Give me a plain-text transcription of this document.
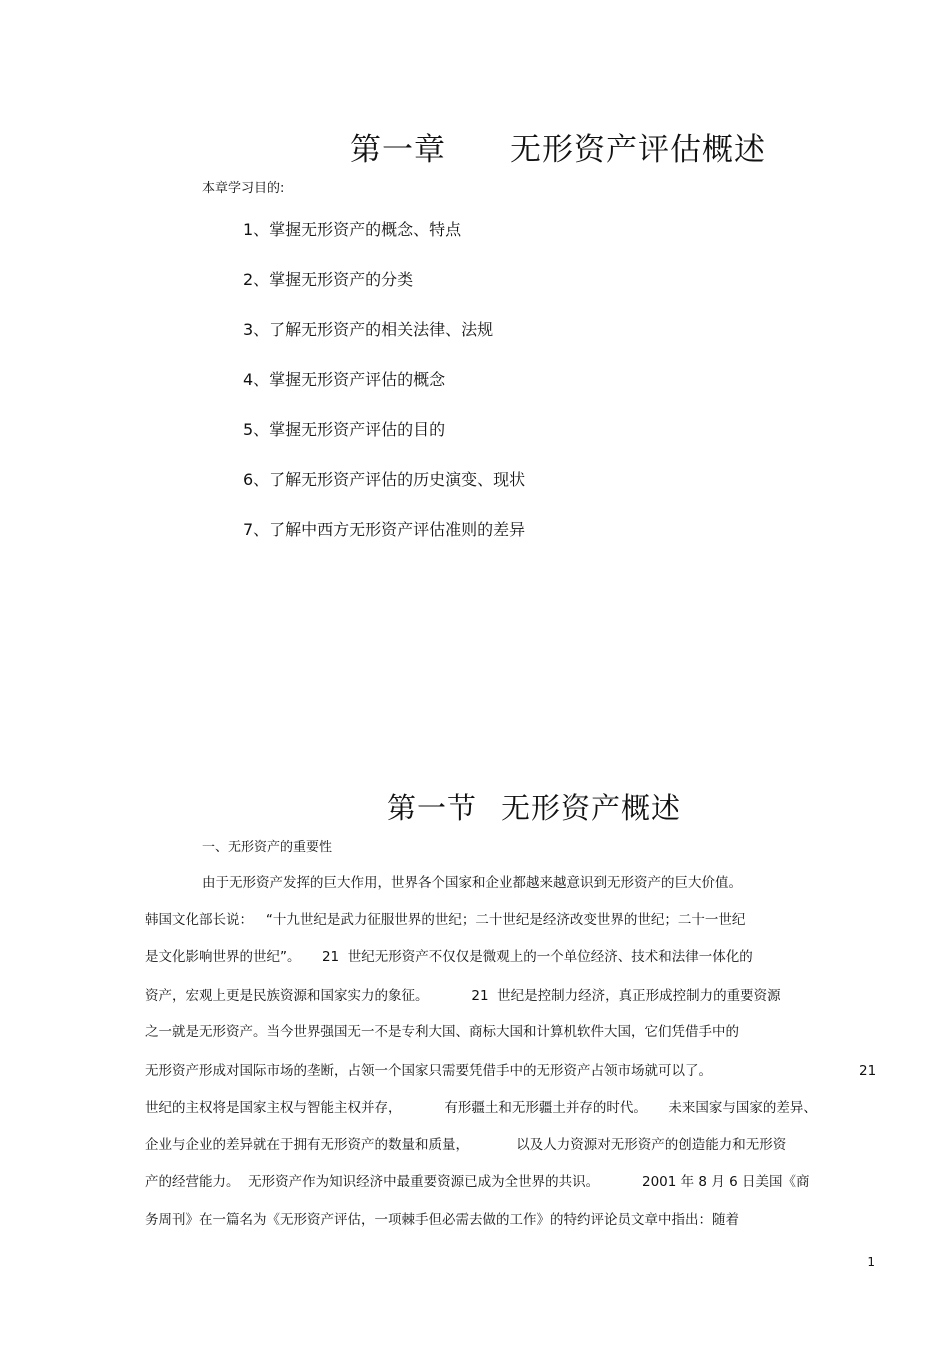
第一章 无形资产评估概述
本章学习目的:
1、掌握无形资产的概念、特点
2、掌握无形资产的分类
3、了解无形资产的相关法律、法规
4、掌握无形资产评估的概念
5、掌握无形资产评估的目的
6、了解无形资产评估的历史演变、现状
7、了解中西方无形资产评估准则的差异
第一节 无形资产概述
一、无形资产的重要性
由于无形资产发挥的巨大作用，世界各个国家和企业都越来越意识到无形资产的巨大价值。
韩国文化部长说：   “十九世纪是武力征服世界的世纪；二十世纪是经济改变世界的世纪；二十一世纪
是文化影响世界的世纪”。     21  世纪无形资产不仅仅是微观上的一个单位经济、技术和法律一体化的
资产，宏观上更是民族资源和国家实力的象征。          21  世纪是控制力经济，真正形成控制力的重要资源
之一就是无形资产。当今世界强国无一不是专利大国、商标大国和计算机软件大国，它们凭借手中的
无形资产形成对国际市场的垄断，占领一个国家只需要凭借手中的无形资产占领市场就可以了。	21
世纪的主权将是国家主权与智能主权并存，          有形疆土和无形疆土并存的时代。     未来国家与国家的差异、
企业与企业的差异就在于拥有无形资产的数量和质量，           以及人力资源对无形资产的创造能力和无形资
产的经营能力。  无形资产作为知识经济中最重要资源已成为全世界的共识。          2001 年 8 月 6 日美国《商
务周刊》在一篇名为《无形资产评估，一项棘手但必需去做的工作》的特约评论员文章中指出：随着
1
